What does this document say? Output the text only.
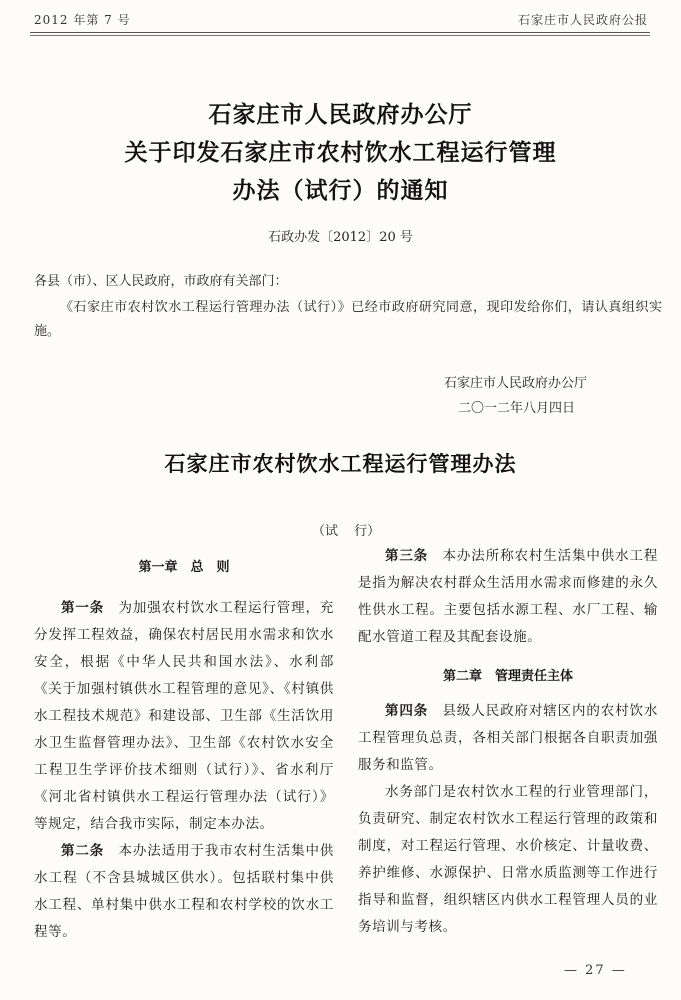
2012 年第 7 号	石家庄市人民政府公报
石家庄市人民政府办公厅
关于印发石家庄市农村饮水工程运行管理
办法（试行）的通知
石政办发〔2012〕20 号
各县（市）、区人民政府，市政府有关部门：
《石家庄市农村饮水工程运行管理办法（试行）》已经市政府研究同意，现印发给你们，请认真组织实施。
石家庄市人民政府办公厅
二〇一二年八月四日
石家庄市农村饮水工程运行管理办法
（试 行）

第一章　总　则

第一条　 为加强农村饮水工程运行管理，充分发挥工程效益，确保农村居民用水需求和饮水安全，根据《中华人民共和国水法》、水利部《关于加强村镇供水工程管理的意见》、《村镇供水工程技术规范》和建设部、卫生部《生活饮用水卫生监督管理办法》、卫生部《农村饮水安全工程卫生学评价技术细则（试行）》、省水利厅《河北省村镇供水工程运行管理办法（试行）》等规定，结合我市实际，制定本办法。

第二条　 本办法适用于我市农村生活集中供水工程（不含县城城区供水）。包括联村集中供水工程、单村集中供水工程和农村学校的饮水工程等。

第三条　 本办法所称农村生活集中供水工程是指为解决农村群众生活用水需求而修建的永久性供水工程。主要包括水源工程、水厂工程、输配水管道工程及其配套设施。

第二章　管理责任主体

第四条　 县级人民政府对辖区内的农村饮水工程管理负总责，各相关部门根据各自职责加强服务和监管。

水务部门是农村饮水工程的行业管理部门，负责研究、制定农村饮水工程运行管理的政策和制度，对工程运行管理、水价核定、计量收费、养护维修、水源保护、日常水质监测等工作进行指导和监督，组织辖区内供水工程管理人员的业务培训与考核。

— 27 —
